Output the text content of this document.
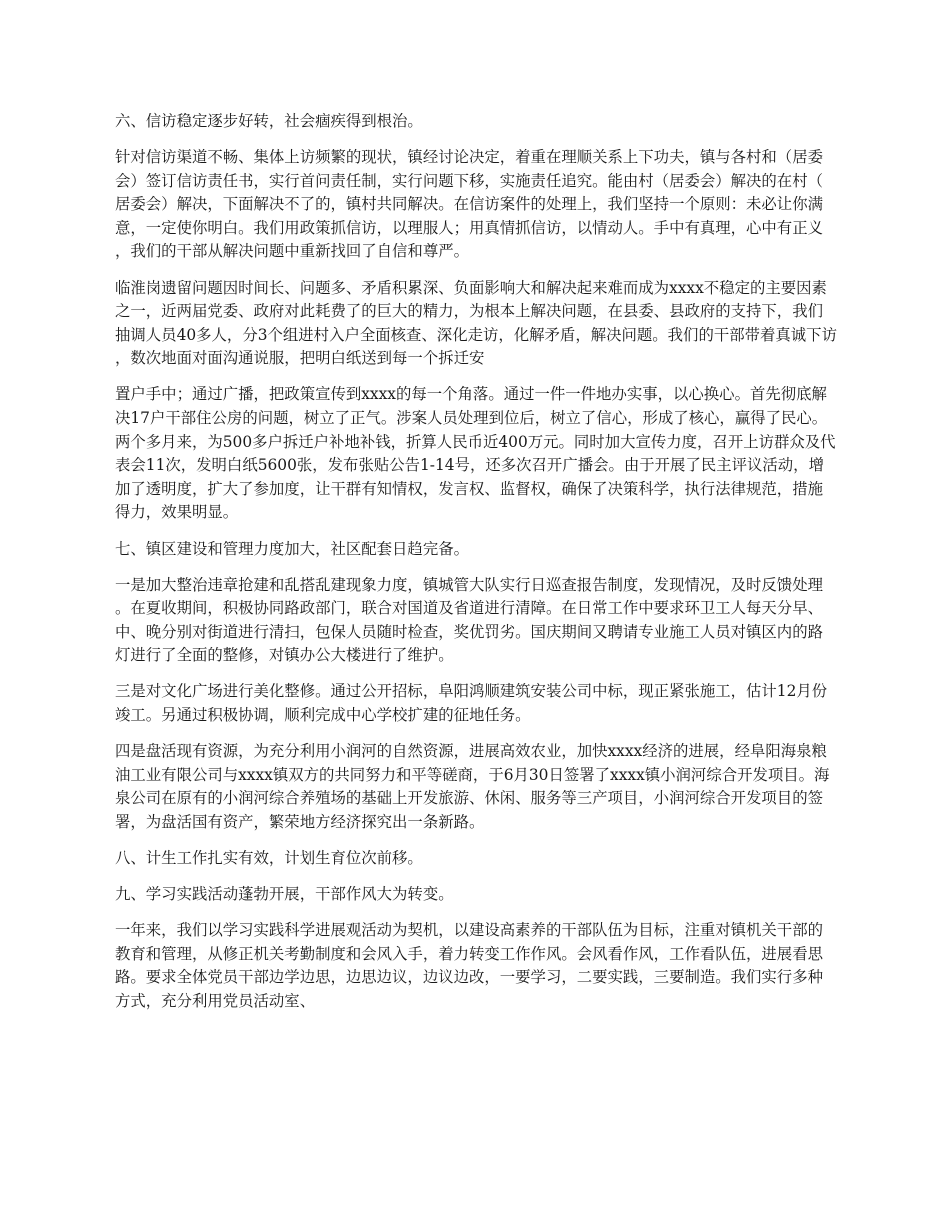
六、信访稳定逐步好转，社会痼疾得到根治。

针对信访渠道不畅、集体上访频繁的现状，镇经讨论决定，着重在理顺关系上下功夫，镇与各村和（居委会）签订信访责任书，实行首问责任制，实行问题下移，实施责任追究。能由村（居委会）解决的在村（居委会）解决，下面解决不了的，镇村共同解决。在信访案件的处理上，我们坚持一个原则：未必让你满意，一定使你明白。我们用政策抓信访，以理服人；用真情抓信访，以情动人。手中有真理，心中有正义，我们的干部从解决问题中重新找回了自信和尊严。

临淮岗遗留问题因时间长、问题多、矛盾积累深、负面影响大和解决起来难而成为xxxx不稳定的主要因素之一，近两届党委、政府对此耗费了的巨大的精力，为根本上解决问题，在县委、县政府的支持下，我们抽调人员40多人，分3个组进村入户全面核查、深化走访，化解矛盾，解决问题。我们的干部带着真诚下访，数次地面对面沟通说服，把明白纸送到每一个拆迁安

置户手中；通过广播，把政策宣传到xxxx的每一个角落。通过一件一件地办实事，以心换心。首先彻底解决17户干部住公房的问题，树立了正气。涉案人员处理到位后，树立了信心，形成了核心，赢得了民心。两个多月来，为500多户拆迁户补地补钱，折算人民币近400万元。同时加大宣传力度，召开上访群众及代表会11次，发明白纸5600张，发布张贴公告1-14号，还多次召开广播会。由于开展了民主评议活动，增加了透明度，扩大了参加度，让干群有知情权，发言权、监督权，确保了决策科学，执行法律规范，措施得力，效果明显。

七、镇区建设和管理力度加大，社区配套日趋完备。

一是加大整治违章抢建和乱搭乱建现象力度，镇城管大队实行日巡查报告制度，发现情况，及时反馈处理。在夏收期间，积极协同路政部门，联合对国道及省道进行清障。在日常工作中要求环卫工人每天分早、中、晚分别对街道进行清扫，包保人员随时检查，奖优罚劣。国庆期间又聘请专业施工人员对镇区内的路灯进行了全面的整修，对镇办公大楼进行了维护。

三是对文化广场进行美化整修。通过公开招标，阜阳鸿顺建筑安装公司中标，现正紧张施工，估计12月份竣工。另通过积极协调，顺利完成中心学校扩建的征地任务。

四是盘活现有资源，为充分利用小润河的自然资源，进展高效农业，加快xxxx经济的进展，经阜阳海泉粮油工业有限公司与xxxx镇双方的共同努力和平等磋商，于6月30日签署了xxxx镇小润河综合开发项目。海泉公司在原有的小润河综合养殖场的基础上开发旅游、休闲、服务等三产项目，小润河综合开发项目的签署，为盘活国有资产，繁荣地方经济探究出一条新路。

八、计生工作扎实有效，计划生育位次前移。

九、学习实践活动蓬勃开展，干部作风大为转变。

一年来，我们以学习实践科学进展观活动为契机，以建设高素养的干部队伍为目标，注重对镇机关干部的教育和管理，从修正机关考勤制度和会风入手，着力转变工作作风。会风看作风，工作看队伍，进展看思路。要求全体党员干部边学边思，边思边议，边议边改，一要学习，二要实践，三要制造。我们实行多种方式，充分利用党员活动室、
